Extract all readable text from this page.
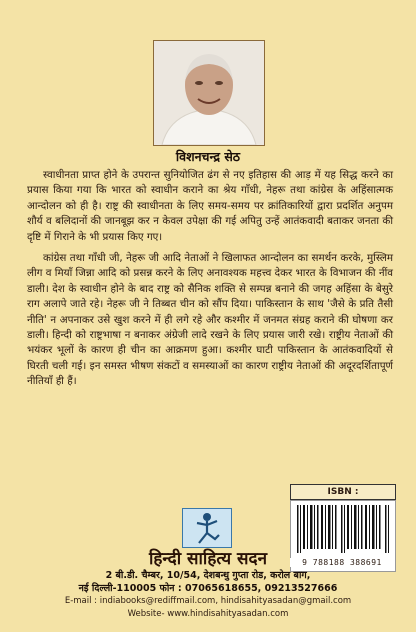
विशनचन्द्र सेठ

स्वाधीनता प्राप्त होने के उपरान्त सुनियोजित ढंग से नए इतिहास की आड़ में यह सिद्ध करने का प्रयास किया गया कि भारत को स्वाधीन कराने का श्रेय गाँधी, नेहरू तथा कांग्रेस के अहिंसात्मक आन्दोलन को ही है। राष्ट्र की स्वाधीनता के लिए समय-समय पर क्रांतिकारियों द्वारा प्रदर्शित अनुपम शौर्य व बलिदानों की जानबूझ कर न केवल उपेक्षा की गई अपितु उन्हें आतंकवादी बताकर जनता की दृष्टि में गिराने के भी प्रयास किए गए।

कांग्रेस तथा गाँधी जी, नेहरू जी आदि नेताओं ने खिलाफत आन्दोलन का समर्थन करके, मुस्लिम लीग व मियाँ जिन्ना आदि को प्रसन्न करने के लिए अनावश्यक महत्त्व देकर भारत के विभाजन की नींव डाली। देश के स्वाधीन होने के बाद राष्ट्र को सैनिक शक्ति से सम्पन्न बनाने की जगह अहिंसा के बेसुरे राग अलापे जाते रहे। नेहरू जी ने तिब्बत चीन को सौंप दिया। पाकिस्तान के साथ 'जैसे के प्रति तैसी नीति' न अपनाकर उसे खुश करने में ही लगे रहे और कश्मीर में जनमत संग्रह कराने की घोषणा कर डाली। हिन्दी को राष्ट्रभाषा न बनाकर अंग्रेजी लादे रखने के लिए प्रयास जारी रखे। राष्ट्रीय नेताओं की भयंकर भूलों के कारण ही चीन का आक्रमण हुआ। कश्मीर घाटी पाकिस्तान के आतंकवादियों से घिरती चली गई। इन समस्त भीषण संकटों व समस्याओं का कारण राष्ट्रीय नेताओं की अदूरदर्शितापूर्ण नीतियाँ ही हैं।

ISBN :
9 788188 388691
हिन्दी साहित्य सदन
2 बी.डी. चैम्बर, 10/54, देशबन्धु गुप्ता रोड, करोल बाग,
नई दिल्ली-110005 फोन : 07065618655, 09213527666
E-mail : indiabooks@rediffmail.com, hindisahityasadan@gmail.com
Website- www.hindisahityasadan.com
